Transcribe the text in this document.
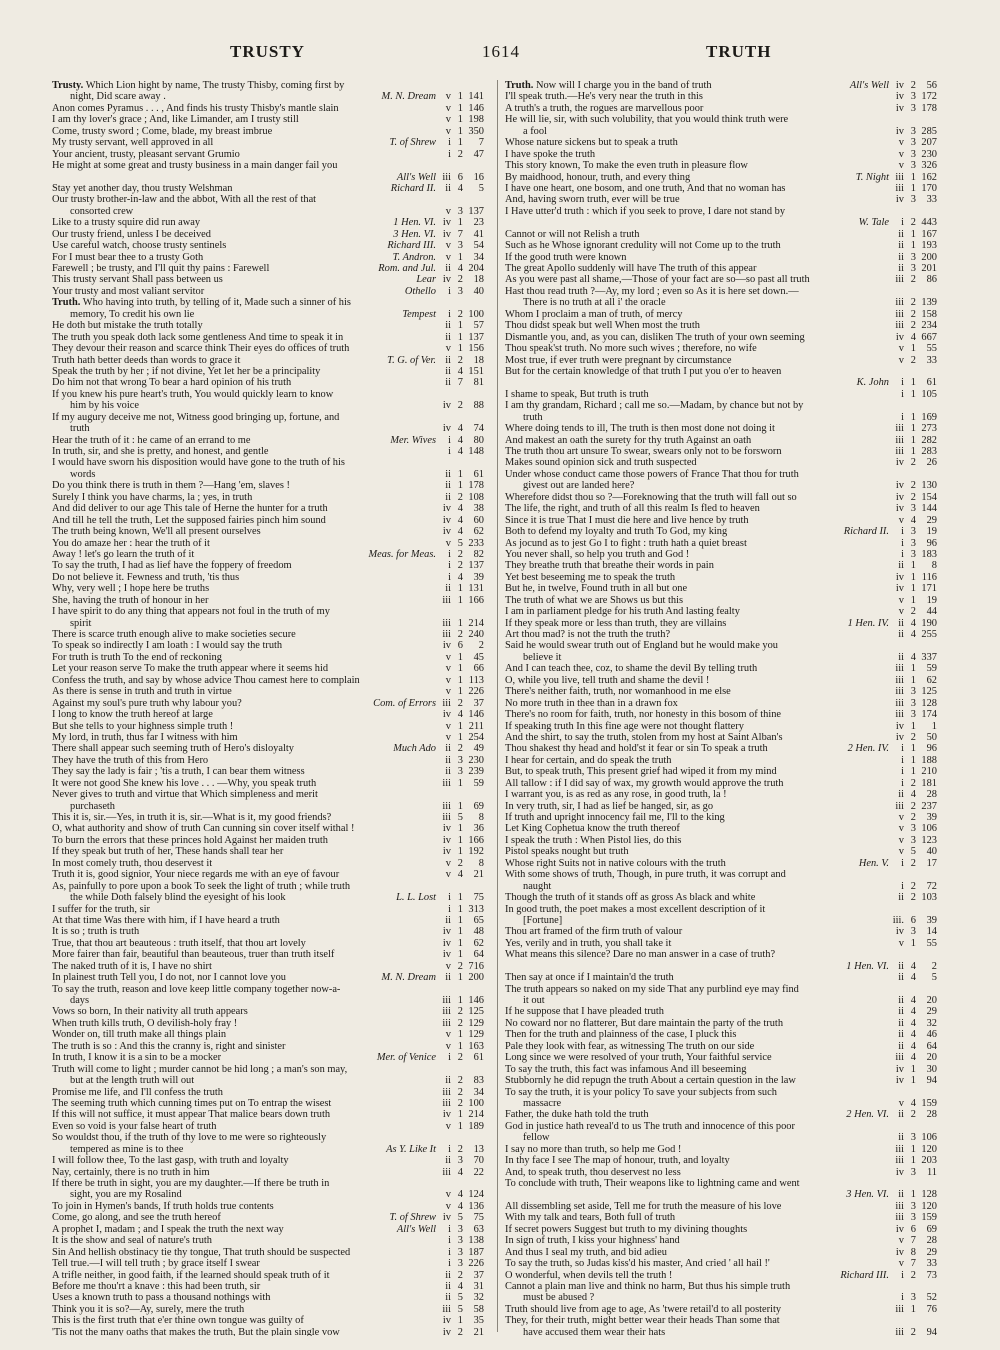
TRUSTY	1614	TRUTH
Trusty. Which Lion hight by name, The trusty Thisby, coming first by
night, Did scare away .	M. N. Dream v 1 141
Anon comes Pyramus . . . , And finds his trusty Thisby's mantle slain	v 1 146
I am thy lover's grace ; And, like Limander, am I trusty still	v 1 198
Come, trusty sword ; Come, blade, my breast imbrue	v 1 350
My trusty servant, well approved in all	T. of Shrew	i 1 7
Your ancient, trusty, pleasant servant Grumio	i 2 47
He might at some great and trusty business in a main danger fail you
All's Well iii 6 16
Stay yet another day, thou trusty Welshman	Richard II. ii 4 5
Our trusty brother-in-law and the abbot, With all the rest of that
consorted crew	v 3 137
Like to a trusty squire did run away	1 Hen. VI. iv 1 23
Our trusty friend, unless I be deceived	3 Hen. VI. iv 7 41
Use careful watch, choose trusty sentinels	Richard III. v 3 54
For I must bear thee to a trusty Goth	T. Andron. v 1 34
Farewell ; be trusty, and I'll quit thy pains : Farewell	Rom. and Jul. ii 4 204
This trusty servant Shall pass between us	Lear iv 2 18
Your trusty and most valiant servitor	Othello	i 3 40
Truth. Who having into truth, by telling of it, Made such a sinner of his
memory, To credit his own lie	Tempest	i 2 100
He doth but mistake the truth totally	ii 1 57
The truth you speak doth lack some gentleness And time to speak it in	ii 1 137
They devour their reason and scarce think Their eyes do offices of truth	v 1 156
Truth hath better deeds than words to grace it	T. G. of Ver. ii 2 18
Speak the truth by her ; if not divine, Yet let her be a principality	ii 4 151
Do him not that wrong To bear a hard opinion of his truth	ii 7 81
If you knew his pure heart's truth, You would quickly learn to know
him by his voice	iv 2 88
If my augury deceive me not, Witness good bringing up, fortune, and
truth	iv 4 74
Hear the truth of it : he came of an errand to me	Mer. Wives	i 4 80
In truth, sir, and she is pretty, and honest, and gentle	i 4 148
I would have sworn his disposition would have gone to the truth of his
words	ii 1 61
Do you think there is truth in them ?—Hang 'em, slaves !	ii 1 178
Surely I think you have charms, la ; yes, in truth	ii 2 108
And did deliver to our age This tale of Herne the hunter for a truth	iv 4 38
And till he tell the truth, Let the supposed fairies pinch him sound	iv 4 60
The truth being known, We'll all present ourselves	iv 4 62
You do amaze her : hear the truth of it	v 5 233
Away ! let's go learn the truth of it	Meas. for Meas.	i 2 82
To say the truth, I had as lief have the foppery of freedom	i 2 137
Do not believe it. Fewness and truth, 'tis thus	i 4 39
Why, very well ; I hope here be truths	ii 1 131
She, having the truth of honour in her	iii 1 166
I have spirit to do any thing that appears not foul in the truth of my
spirit	iii 1 214
There is scarce truth enough alive to make societies secure	iii 2 240
To speak so indirectly I am loath : I would say the truth	iv 6 2
For truth is truth To the end of reckoning	v 1 45
Let your reason serve To make the truth appear where it seems hid	v 1 66
Confess the truth, and say by whose advice Thou camest here to complain	v 1 113
As there is sense in truth and truth in virtue	v 1 226
Against my soul's pure truth why labour you?	Com. of Errors iii 2 37
I long to know the truth hereof at large	iv 4 146
But she tells to your highness simple truth !	v 1 211
My lord, in truth, thus far I witness with him	v 1 254
There shall appear such seeming truth of Hero's disloyalty	Much Ado ii 2 49
They have the truth of this from Hero	ii 3 230
They say the lady is fair ; 'tis a truth, I can bear them witness	ii 3 239
It were not good She knew his love . . . —Why, you speak truth	iii 1 59
Never gives to truth and virtue that Which simpleness and merit
purchaseth	iii 1 69
This it is, sir.—Yes, in truth it is, sir.—What is it, my good friends?	iii 5 8
O, what authority and show of truth Can cunning sin cover itself withal !	iv 1 36
To burn the errors that these princes hold Against her maiden truth	iv 1 166
If they speak but truth of her, These hands shall tear her	iv 1 192
In most comely truth, thou deservest it	v 2 8
Truth it is, good signior, Your niece regards me with an eye of favour	v 4 21
As, painfully to pore upon a book To seek the light of truth ; while truth
the while Doth falsely blind the eyesight of his look	L. L. Lost	i 1 75
I suffer for the truth, sir	i 1 313
At that time Was there with him, if I have heard a truth	ii 1 65
It is so ; truth is truth	iv 1 48
True, that thou art beauteous : truth itself, that thou art lovely	iv 1 62
More fairer than fair, beautiful than beauteous, truer than truth itself	iv 1 64
The naked truth of it is, I have no shirt	v 2 716
In plainest truth Tell you, I do not, nor I cannot love you	M. N. Dream ii 1 200
To say the truth, reason and love keep little company together now-a-
days	iii 1 146
Vows so born, In their nativity all truth appears	iii 2 125
When truth kills truth, O devilish-holy fray !	iii 2 129
Wonder on, till truth make all things plain	v 1 129
The truth is so : And this the cranny is, right and sinister	v 1 163
In truth, I know it is a sin to be a mocker	Mer. of Venice	i 2 61
Truth will come to light ; murder cannot be hid long ; a man's son may,
but at the length truth will out	ii 2 83
Promise me life, and I'll confess the truth	iii 2 34
The seeming truth which cunning times put on To entrap the wisest	iii 2 100
If this will not suffice, it must appear That malice bears down truth	iv 1 214
Even so void is your false heart of truth	v 1 189
So wouldst thou, if the truth of thy love to me were so righteously
tempered as mine is to thee	As Y. Like It	i 2 13
I will follow thee, To the last gasp, with truth and loyalty	ii 3 70
Nay, certainly, there is no truth in him	iii 4 22
If there be truth in sight, you are my daughter.—If there be truth in
sight, you are my Rosalind	v 4 124
To join in Hymen's bands, If truth holds true contents	v 4 136
Come, go along, and see the truth hereof	T. of Shrew iv 5 75
A prophet I, madam ; and I speak the truth the next way	All's Well	i 3 63
It is the show and seal of nature's truth	i 3 138
Sin And hellish obstinacy tie thy tongue, That truth should be suspected	i 3 187
Tell true.—I will tell truth ; by grace itself I swear	i 3 226
A trifle neither, in good faith, if the learned should speak truth of it	ii 2 37
Before me thou'rt a knave : this had been truth, sir	ii 4 31
Uses a known truth to pass a thousand nothings with	ii 5 32
Think you it is so?—Ay, surely, mere the truth	iii 5 58
This is the first truth that e'er thine own tongue was guilty of	iv 1 35
'Tis not the many oaths that makes the truth, But the plain single vow	iv 2 21
Truth. Now will I charge you in the band of truth	All's Well iv 2 56
I'll speak truth.—He's very near the truth in this	iv 3 172
A truth's a truth, the rogues are marvellous poor	iv 3 178
He will lie, sir, with such volubility, that you would think truth were
a fool	iv 3 285
Whose nature sickens but to speak a truth	v 3 207
I have spoke the truth	v 3 230
This story known, To make the even truth in pleasure flow	v 3 326
By maidhood, honour, truth, and every thing	T. Night iii 1 162
I have one heart, one bosom, and one truth, And that no woman has	iii 1 170
And, having sworn truth, ever will be true	iv 3 33
I Have utter'd truth : which if you seek to prove, I dare not stand by
W. Tale	i 2 443
Cannot or will not Relish a truth	ii 1 167
Such as he Whose ignorant credulity will not Come up to the truth	ii 1 193
If the good truth were known	ii 3 200
The great Apollo suddenly will have The truth of this appear	ii 3 201
As you were past all shame,—Those of your fact are so—so past all truth	iii 2 86
Hast thou read truth ?—Ay, my lord ; even so As it is here set down.—
There is no truth at all i' the oracle	iii 2 139
Whom I proclaim a man of truth, of mercy	iii 2 158
Thou didst speak but well When most the truth	iii 2 234
Dismantle you, and, as you can, disliken The truth of your own seeming	iv 4 667
Thou speak'st truth. No more such wives ; therefore, no wife	v 1 55
Most true, if ever truth were pregnant by circumstance	v 2 33
But for the certain knowledge of that truth I put you o'er to heaven
K. John	i 1 61
I shame to speak, But truth is truth	i 1 105
I am thy grandam, Richard ; call me so.—Madam, by chance but not by
truth	i 1 169
Where doing tends to ill, The truth is then most done not doing it	iii 1 273
And makest an oath the surety for thy truth Against an oath	iii 1 282
The truth thou art unsure To swear, swears only not to be forsworn	iii 1 283
Makes sound opinion sick and truth suspected	iv 2 26
Under whose conduct came those powers of France That thou for truth
givest out are landed here?	iv 2 130
Wherefore didst thou so ?—Foreknowing that the truth will fall out so	iv 2 154
The life, the right, and truth of all this realm Is fled to heaven	iv 3 144
Since it is true That I must die here and live hence by truth	v 4 29
Both to defend my loyalty and truth To God, my king	Richard II.	i 3 19
As jocund as to jest Go I to fight : truth hath a quiet breast	i 3 96
You never shall, so help you truth and God !	i 3 183
They breathe truth that breathe their words in pain	ii 1 8
Yet best beseeming me to speak the truth	iv 1 116
But he, in twelve, Found truth in all but one	iv 1 171
The truth of what we are Shows us but this	v 1 19
I am in parliament pledge for his truth And lasting fealty	v 2 44
If they speak more or less than truth, they are villains	1 Hen. IV. ii 4 190
Art thou mad? is not the truth the truth?	ii 4 255
Said he would swear truth out of England but he would make you
believe it	ii 4 337
And I can teach thee, coz, to shame the devil By telling truth	iii 1 59
O, while you live, tell truth and shame the devil !	iii 1 62
There's neither faith, truth, nor womanhood in me else	iii 3 125
No more truth in thee than in a drawn fox	iii 3 128
There's no room for faith, truth, nor honesty in this bosom of thine	iii 3 174
If speaking truth In this fine age were not thought flattery	iv 1 1
And the shirt, to say the truth, stolen from my host at Saint Alban's	iv 2 50
Thou shakest thy head and hold'st it fear or sin To speak a truth	2 Hen. IV.	i 1 96
I hear for certain, and do speak the truth	i 1 188
But, to speak truth, This present grief had wiped it from my mind	i 1 210
All tallow : if I did say of wax, my growth would approve the truth	i 2 181
I warrant you, is as red as any rose, in good truth, la !	ii 4 28
In very truth, sir, I had as lief be hanged, sir, as go	iii 2 237
If truth and upright innocency fail me, I'll to the king	v 2 39
Let King Cophetua know the truth thereof	v 3 106
I speak the truth : When Pistol lies, do this	v 3 123
Pistol speaks nought but truth	v 5 40
Whose right Suits not in native colours with the truth	Hen. V.	i 2 17
With some shows of truth, Though, in pure truth, it was corrupt and
naught	i 2 72
Though the truth of it stands off as gross As black and white	ii 2 103
In good truth, the poet makes a most excellent description of it
[Fortune]	iii. 6 39
Thou art framed of the firm truth of valour	iv 3 14
Yes, verily and in truth, you shall take it	v 1 55
What means this silence? Dare no man answer in a case of truth?
1 Hen. VI. ii 4 2
Then say at once if I maintain'd the truth	ii 4 5
The truth appears so naked on my side That any purblind eye may find
it out	ii 4 20
If he suppose that I have pleaded truth	ii 4 29
No coward nor no flatterer, But dare maintain the party of the truth	ii 4 32
Then for the truth and plainness of the case, I pluck this	ii 4 46
Pale they look with fear, as witnessing The truth on our side	ii 4 64
Long since we were resolved of your truth, Your faithful service	iii 4 20
To say the truth, this fact was infamous And ill beseeming	iv 1 30
Stubbornly he did repugn the truth About a certain question in the law	iv 1 94
To say the truth, it is your policy To save your subjects from such
massacre	v 4 159
Father, the duke hath told the truth	2 Hen. VI. ii 2 28
God in justice hath reveal'd to us The truth and innocence of this poor
fellow	ii 3 106
I say no more than truth, so help me God !	iii 1 120
In thy face I see The map of honour, truth, and loyalty	iii 1 203
And, to speak truth, thou deservest no less	iv 3 11
To conclude with truth, Their weapons like to lightning came and went
3 Hen. VI. ii 1 128
All dissembling set aside, Tell me for truth the measure of his love	iii 3 120
With my talk and tears, Both full of truth	iii 3 159
If secret powers Suggest but truth to my divining thoughts	iv 6 69
In sign of truth, I kiss your highness' hand	v 7 28
And thus I seal my truth, and bid adieu	iv 8 29
To say the truth, so Judas kiss'd his master, And cried ' all hail !'	v 7 33
O wonderful, when devils tell the truth !	Richard III.	i 2 73
Cannot a plain man live and think no harm, But thus his simple truth
must be abused ?	i 3 52
Truth should live from age to age, As 'twere retail'd to all posterity	iii 1 76
They, for their truth, might better wear their heads Than some that
have accused them wear their hats	iii 2 94
